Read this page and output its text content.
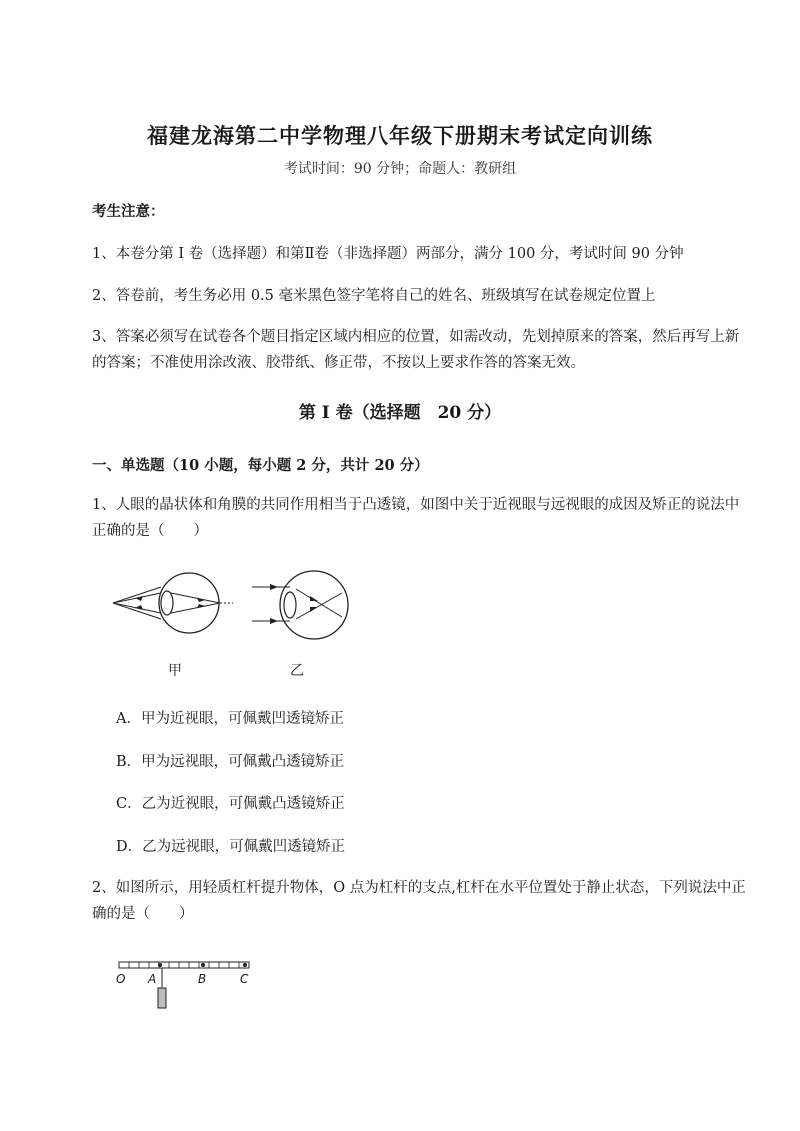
福建龙海第二中学物理八年级下册期末考试定向训练
考试时间：90 分钟；命题人：教研组
考生注意：
1、本卷分第 I 卷（选择题）和第Ⅱ卷（非选择题）两部分，满分 100 分，考试时间 90 分钟
2、答卷前，考生务必用 0.5 毫米黑色签字笔将自己的姓名、班级填写在试卷规定位置上
3、答案必须写在试卷各个题目指定区域内相应的位置，如需改动，先划掉原来的答案，然后再写上新的答案；不准使用涂改液、胶带纸、修正带，不按以上要求作答的答案无效。
第 I 卷（选择题　20 分）
一、单选题（10 小题，每小题 2 分，共计 20 分）
1、人眼的晶状体和角膜的共同作用相当于凸透镜，如图中关于近视眼与远视眼的成因及矫正的说法中正确的是（　　）
甲	乙
A．甲为近视眼，可佩戴凹透镜矫正
B．甲为远视眼，可佩戴凸透镜矫正
C．乙为近视眼，可佩戴凸透镜矫正
D．乙为远视眼，可佩戴凹透镜矫正
2、如图所示，用轻质杠杆提升物体，O 点为杠杆的支点,杠杆在水平位置处于静止状态，下列说法中正确的是（　　）
O A	B	C
